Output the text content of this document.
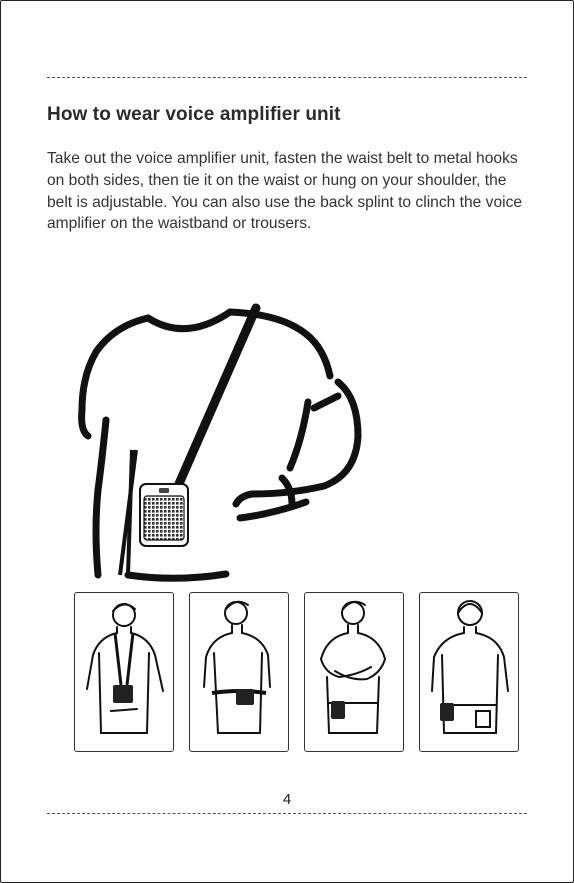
How to wear voice amplifier unit

Take out the voice amplifier unit, fasten the waist belt to metal hooks on both sides, then tie it on the waist or hung on your shoulder, the belt is adjustable. You can also use the back splint to clinch the voice amplifier on the waistband or trousers.

4
